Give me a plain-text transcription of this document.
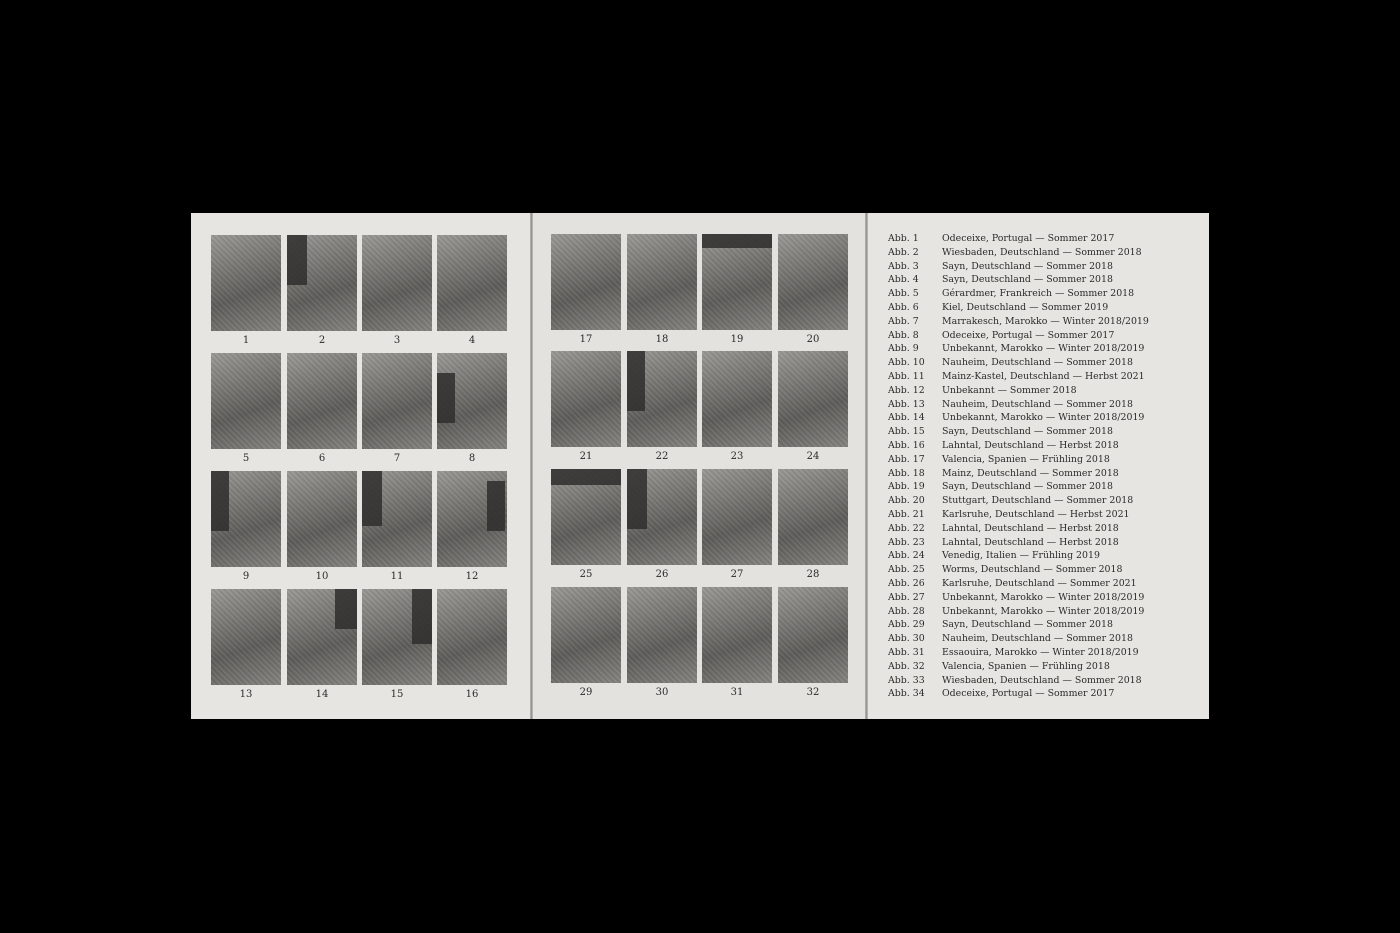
1	2	3	4
5	6	7	8
9	10	11	12
13	14	15	16
17	18	19	20
21	22	23	24
25	26	27	28
29	30	31	32
Abb. 1	Odeceixe, Portugal — Sommer 2017
Abb. 2	Wiesbaden, Deutschland — Sommer 2018
Abb. 3	Sayn, Deutschland — Sommer 2018
Abb. 4	Sayn, Deutschland — Sommer 2018
Abb. 5	Gérardmer, Frankreich — Sommer 2018
Abb. 6	Kiel, Deutschland — Sommer 2019
Abb. 7	Marrakesch, Marokko — Winter 2018/2019
Abb. 8	Odeceixe, Portugal — Sommer 2017
Abb. 9	Unbekannt, Marokko — Winter 2018/2019
Abb. 10	Nauheim, Deutschland — Sommer 2018
Abb. 11	Mainz-Kastel, Deutschland — Herbst 2021
Abb. 12	Unbekannt — Sommer 2018
Abb. 13	Nauheim, Deutschland — Sommer 2018
Abb. 14	Unbekannt, Marokko — Winter 2018/2019
Abb. 15	Sayn, Deutschland — Sommer 2018
Abb. 16	Lahntal, Deutschland — Herbst 2018
Abb. 17	Valencia, Spanien — Frühling 2018
Abb. 18	Mainz, Deutschland — Sommer 2018
Abb. 19	Sayn, Deutschland — Sommer 2018
Abb. 20	Stuttgart, Deutschland — Sommer 2018
Abb. 21	Karlsruhe, Deutschland — Herbst 2021
Abb. 22	Lahntal, Deutschland — Herbst 2018
Abb. 23	Lahntal, Deutschland — Herbst 2018
Abb. 24	Venedig, Italien — Frühling 2019
Abb. 25	Worms, Deutschland — Sommer 2018
Abb. 26	Karlsruhe, Deutschland — Sommer 2021
Abb. 27	Unbekannt, Marokko — Winter 2018/2019
Abb. 28	Unbekannt, Marokko — Winter 2018/2019
Abb. 29	Sayn, Deutschland — Sommer 2018
Abb. 30	Nauheim, Deutschland — Sommer 2018
Abb. 31	Essaouira, Marokko — Winter 2018/2019
Abb. 32	Valencia, Spanien — Frühling 2018
Abb. 33	Wiesbaden, Deutschland — Sommer 2018
Abb. 34	Odeceixe, Portugal — Sommer 2017
